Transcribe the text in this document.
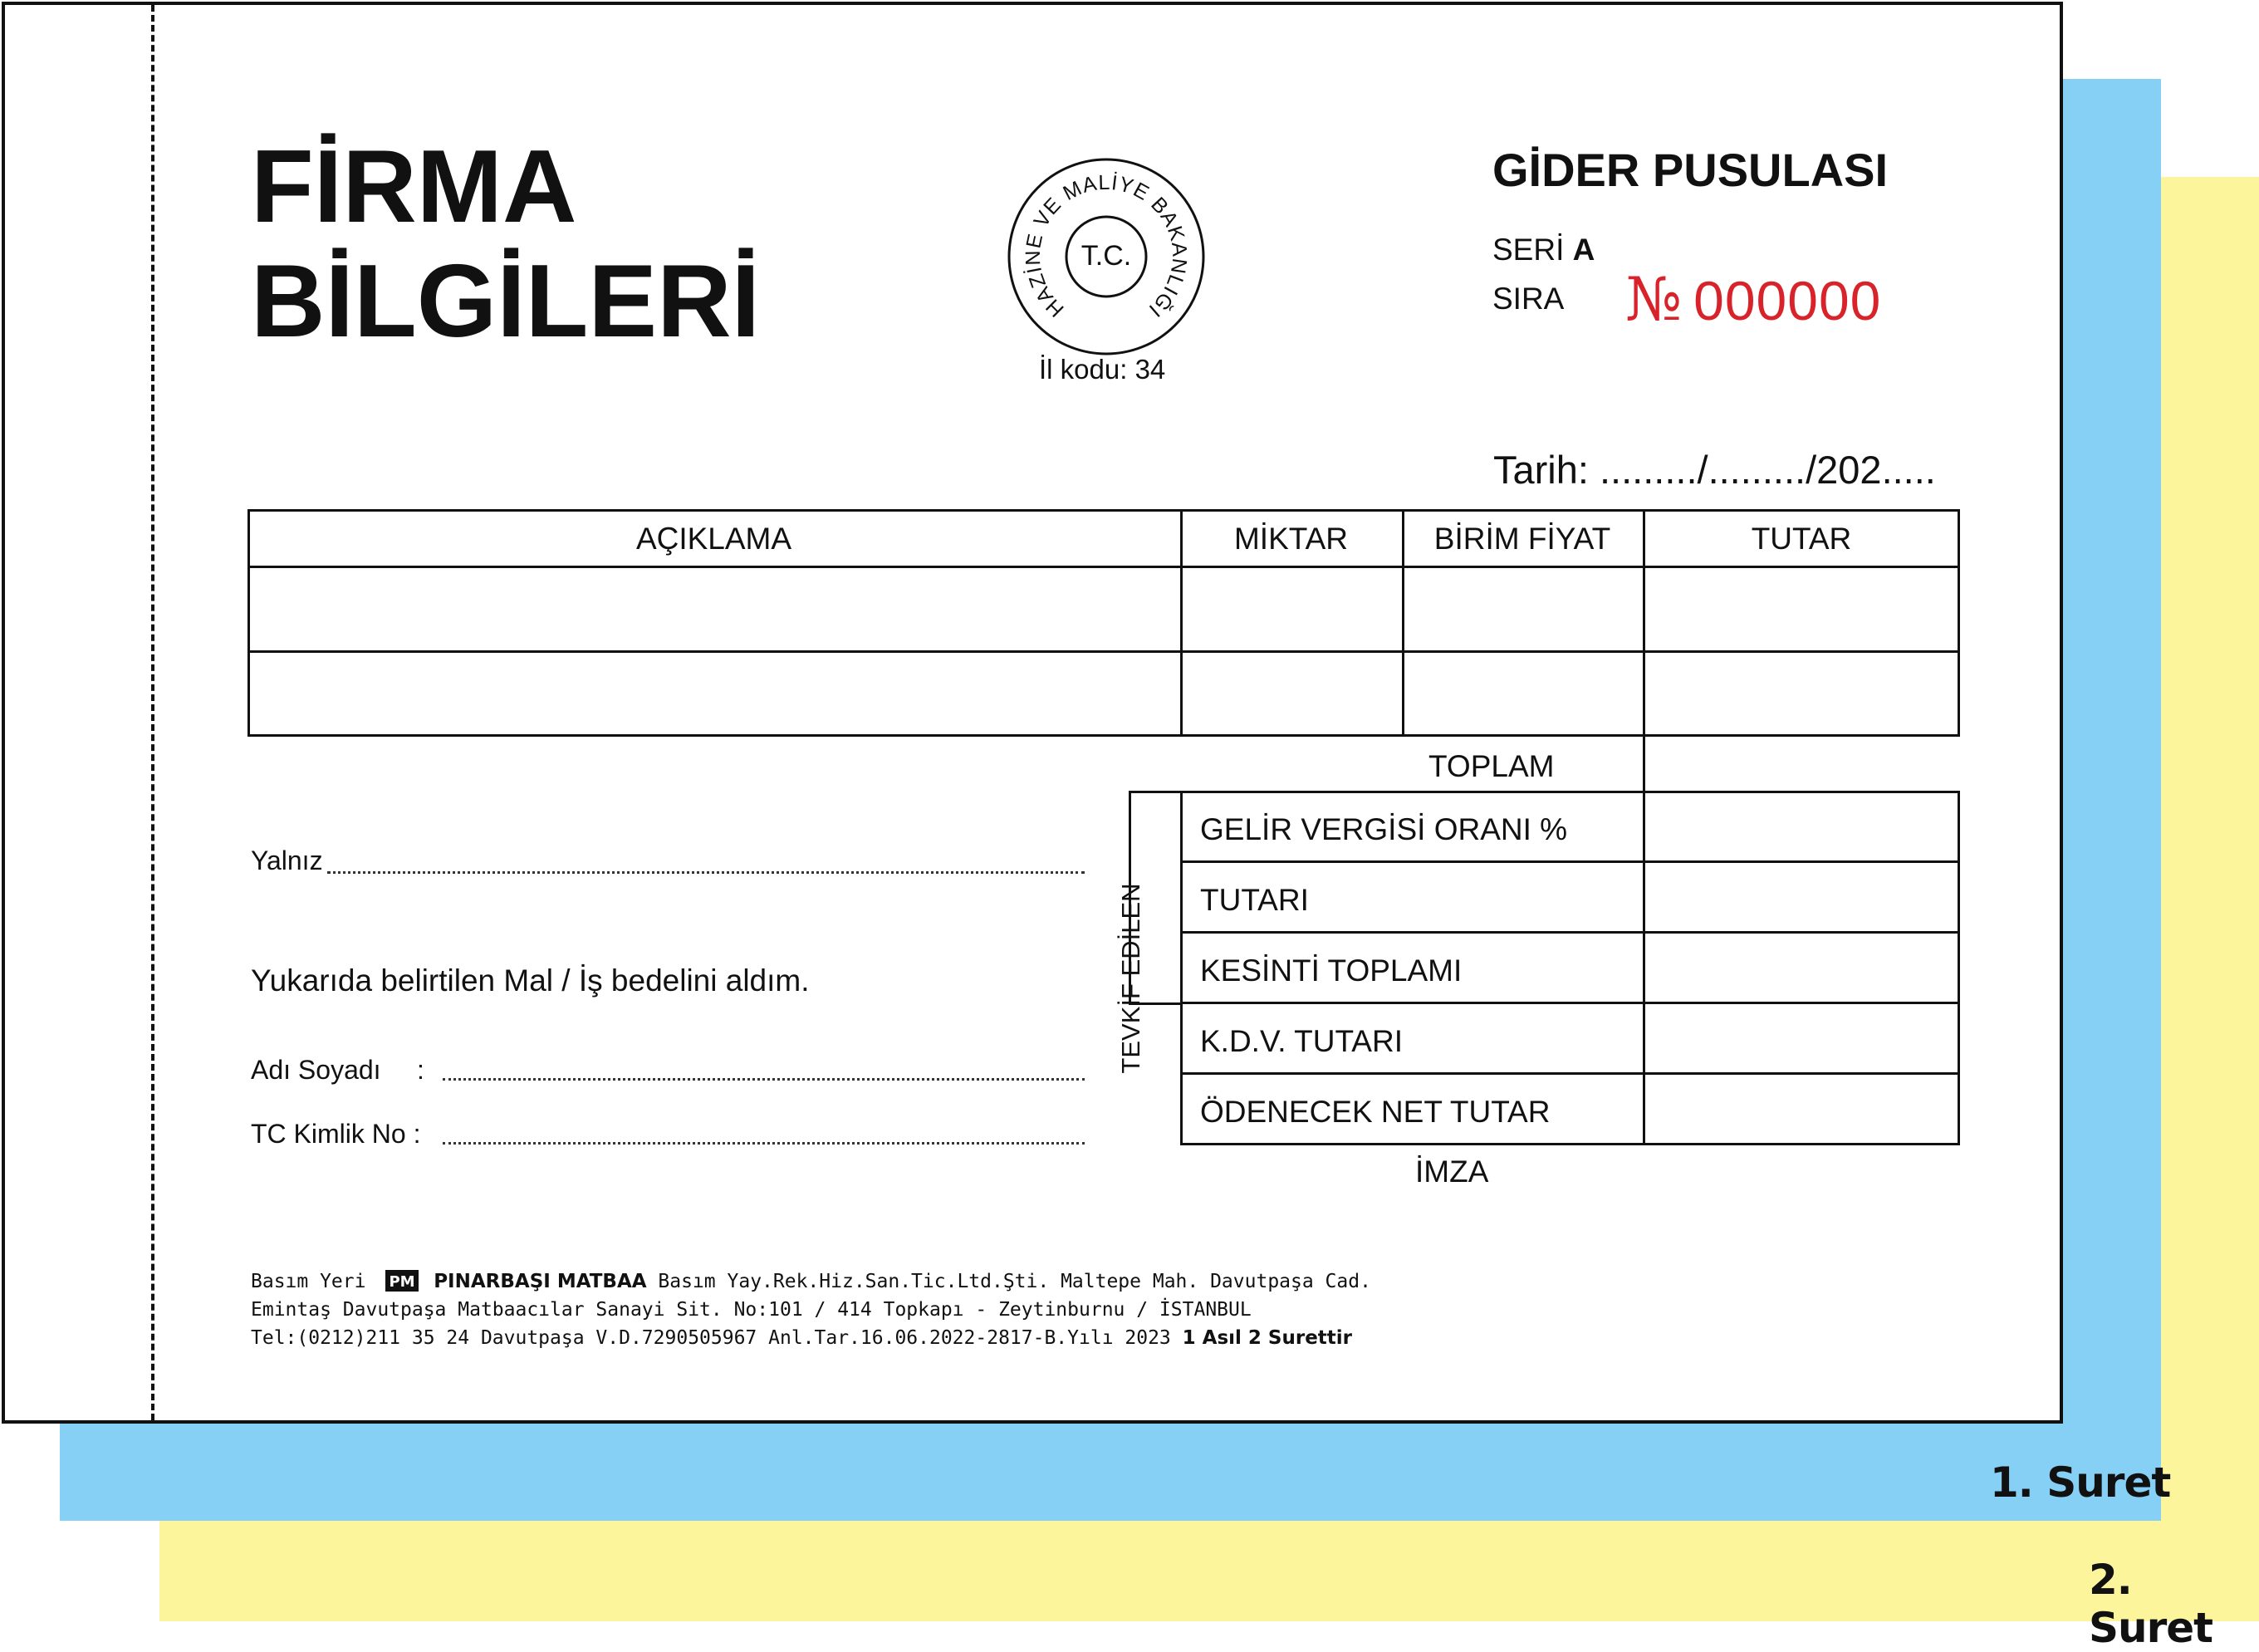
1. Suret
2. Suret
FİRMA
BİLGİLERİ	HAZİNE VE MALİYE BAKANLIĞI
T.C.
İl kodu: 34
GİDER PUSULASI
SERİ A
SIRA № 000000
Tarih: ........./........./202.....
AÇIKLAMA	MİKTAR	BİRİM FİYAT	TUTAR
TOPLAM
TEVKİF EDİLEN
GELİR VERGİSİ ORANI %
TUTARI
KESİNTİ TOPLAMI
K.D.V. TUTARI
ÖDENECEK NET TUTAR
İMZA
Yalnız
Yukarıda belirtilen Mal / İş bedelini aldım.
Adı Soyadı :
TC Kimlik No :
Basım Yeri PM PINARBAŞI MATBAA Basım Yay.Rek.Hiz.San.Tic.Ltd.Şti. Maltepe Mah. Davutpaşa Cad.
Emintaş Davutpaşa Matbaacılar Sanayi Sit. No:101 / 414 Topkapı - Zeytinburnu / İSTANBUL
Tel:(0212)211 35 24 Davutpaşa V.D.7290505967 Anl.Tar.16.06.2022-2817-B.Yılı 2023 1 Asıl 2 Surettir
